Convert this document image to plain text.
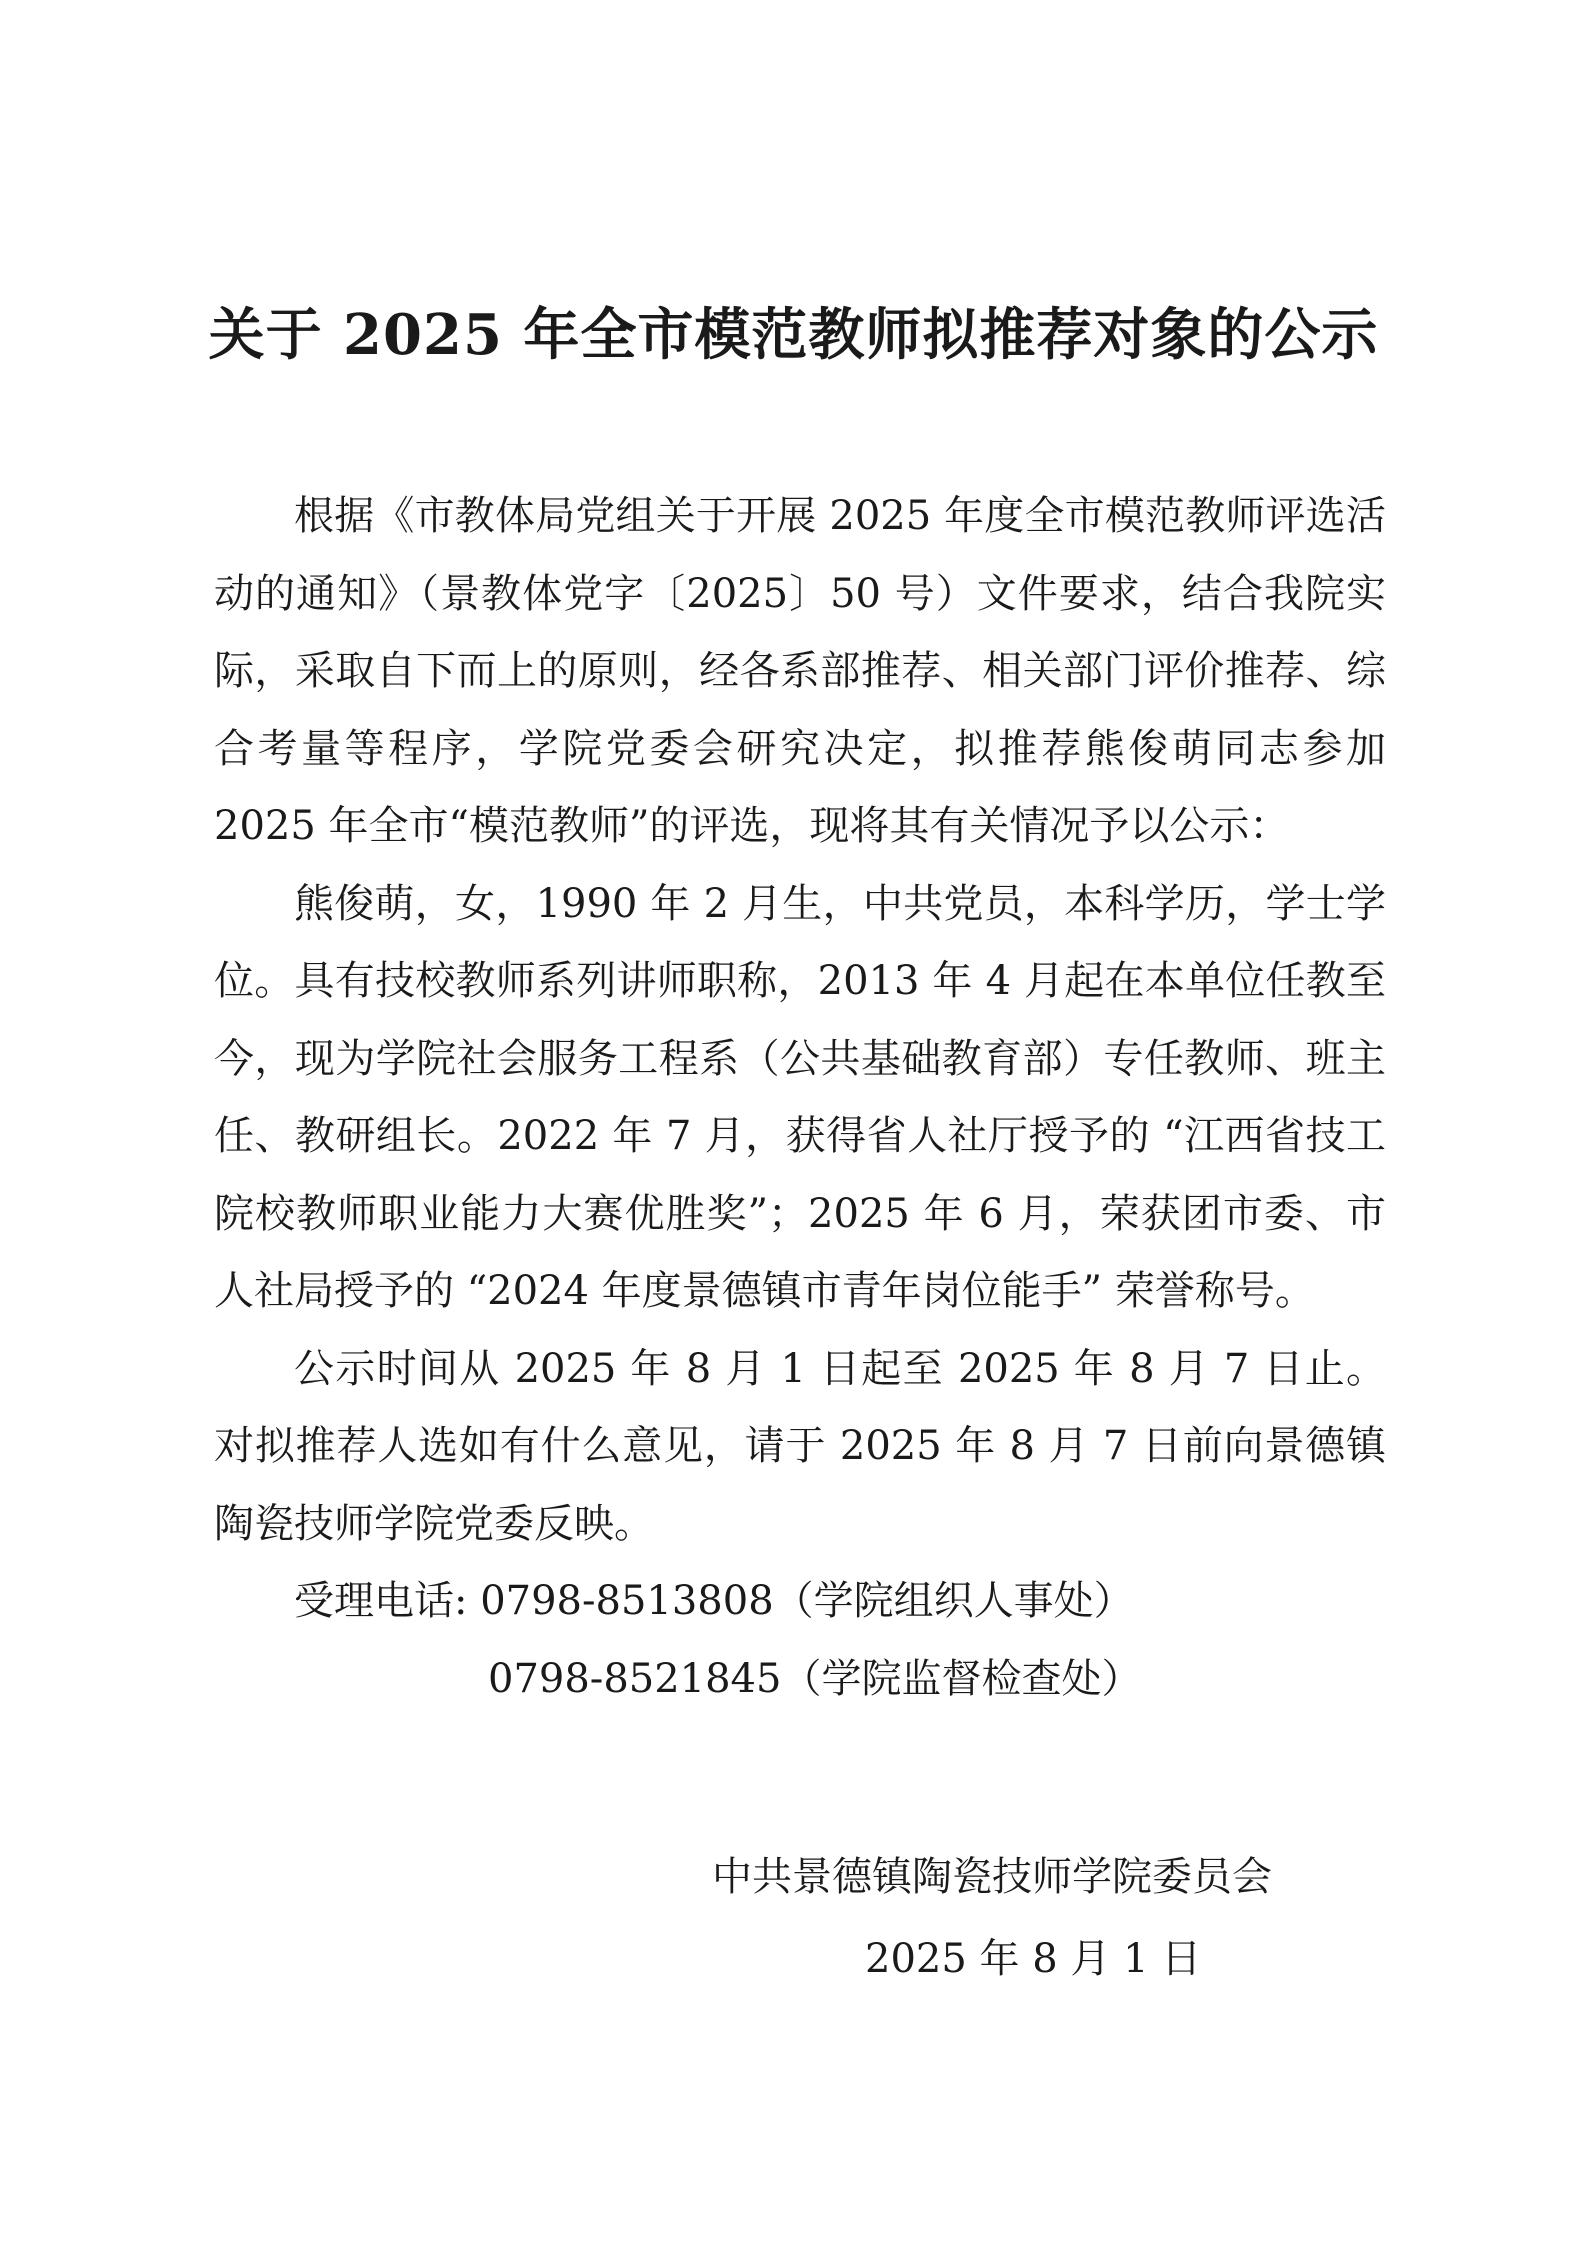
关于 2025 年全市模范教师拟推荐对象的公示

根据《市教体局党组关于开展 2025 年度全市模范教师评选活动的通知》（景教体党字〔2025〕50 号）文件要求，结合我院实际，采取自下而上的原则，经各系部推荐、相关部门评价推荐、综合考量等程序，学院党委会研究决定，拟推荐熊俊萌同志参加 2025 年全市“模范教师”的评选，现将其有关情况予以公示：

熊俊萌，女，1990 年 2 月生，中共党员，本科学历，学士学位。具有技校教师系列讲师职称，2013 年 4 月起在本单位任教至今，现为学院社会服务工程系（公共基础教育部）专任教师、班主任、教研组长。2022 年 7 月，获得省人社厅授予的 “江西省技工院校教师职业能力大赛优胜奖”；2025 年 6 月，荣获团市委、市人社局授予的 “2024 年度景德镇市青年岗位能手” 荣誉称号。

公示时间从 2025 年 8 月 1 日起至 2025 年 8 月 7 日止。对拟推荐人选如有什么意见，请于 2025 年 8 月 7 日前向景德镇陶瓷技师学院党委反映。

受理电话: 0798-8513808（学院组织人事处）

0798-8521845（学院监督检查处）

中共景德镇陶瓷技师学院委员会

2025 年 8 月 1 日
